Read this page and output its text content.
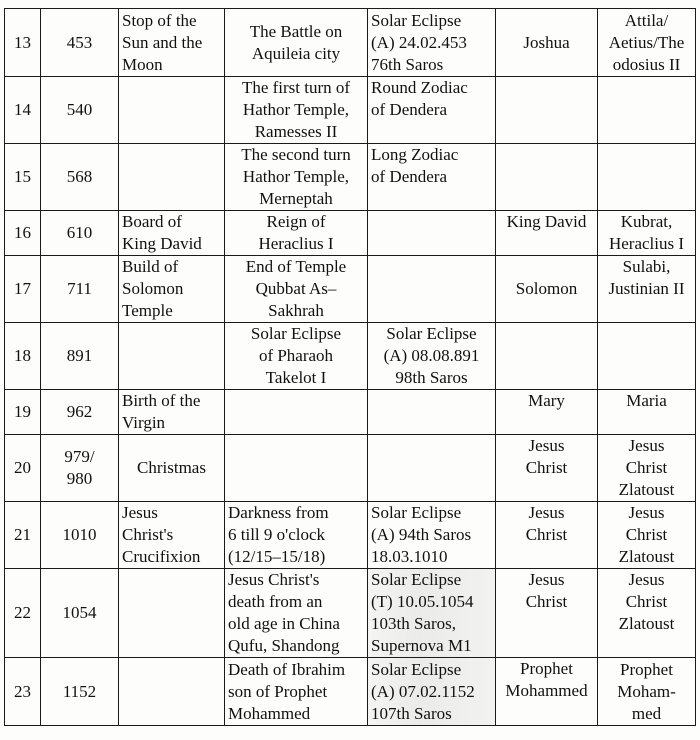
13	453	Stop of the
Sun and the
Moon	The Battle on
Aquileia city	Solar Eclipse
(A) 24.02.453
76th Saros	Joshua	Attila/
Aetius/The
odosius II
14	540		The first turn of
Hathor Temple,
Ramesses II	Round Zodiac
of Dendera		
15	568		The second turn
Hathor Temple,
Merneptah	Long Zodiac
of Dendera		
16	610	Board of
King David	Reign of
Heraclius I		King David	Kubrat,
Heraclius I
17	711	Build of
Solomon
Temple	End of Temple
Qubbat As–
Sakhrah		Solomon	Sulabi,
Justinian II
18	891		Solar Eclipse
of Pharaoh
Takelot I	Solar Eclipse
(A) 08.08.891
98th Saros		
19	962	Birth of the
Virgin			Mary	Maria
20	979/
980	Christmas			Jesus
Christ	Jesus
Christ
Zlatoust
21	1010	Jesus
Christ's
Crucifixion	Darkness from
6 till 9 o'clock
(12/15–15/18)	Solar Eclipse
(A) 94th Saros
18.03.1010	Jesus
Christ	Jesus
Christ
Zlatoust
22	1054		Jesus Christ's
death from an
old age in China
Qufu, Shandong	Solar Eclipse
(T) 10.05.1054
103th Saros,
Supernova M1	Jesus
Christ	Jesus
Christ
Zlatoust
23	1152		Death of Ibrahim
son of Prophet
Mohammed	Solar Eclipse
(A) 07.02.1152
107th Saros	Prophet
Mohammed	Prophet
Moham-
med
